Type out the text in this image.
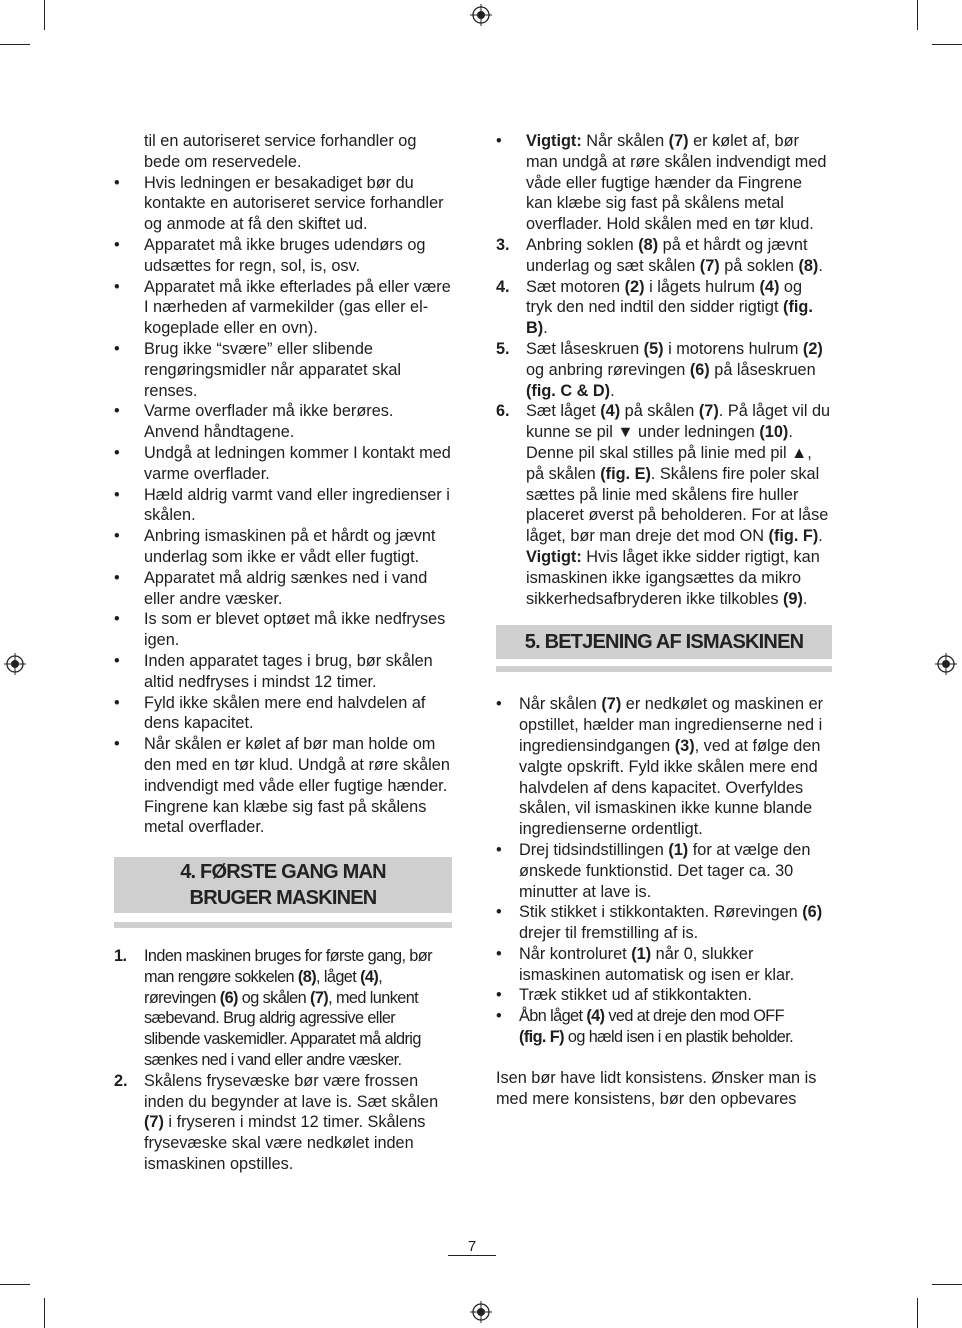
til en autoriseret service forhandler og bede om reservedele.

•	Hvis ledningen er besakadiget bør du kontakte en autoriseret service forhandler og anmode at få den skiftet ud.
•	Apparatet må ikke bruges udendørs og udsættes for regn, sol, is, osv.
•	Apparatet må ikke efterlades på eller være I nærheden af varmekilder (gas eller el-kogeplade eller en ovn).
•	Brug ikke “svære” eller slibende rengøringsmidler når apparatet skal renses.
•	Varme overflader må ikke berøres. Anvend håndtagene.
•	Undgå at ledningen kommer I kontakt med varme overflader.
•	Hæld aldrig varmt vand eller ingredienser i skålen.
•	Anbring ismaskinen på et hårdt og jævnt underlag som ikke er vådt eller fugtigt.
•	Apparatet må aldrig sænkes ned i vand eller andre væsker.
•	Is som er blevet optøet må ikke nedfryses igen.
•	Inden apparatet tages i brug, bør skålen altid nedfryses i mindst 12 timer.
•	Fyld ikke skålen mere end halvdelen af dens kapacitet.
•	Når skålen er kølet af bør man holde om den med en tør klud. Undgå at røre skålen indvendigt med våde eller fugtige hænder. Fingrene kan klæbe sig fast på skålens metal overflader.
4. FØRSTE GANG MAN BRUGER MASKINEN
1. Inden maskinen bruges for første gang, bør man rengøre sokkelen (8), låget (4), rørevingen (6) og skålen (7), med lunkent sæbevand. Brug aldrig agressive eller slibende vaskemidler. Apparatet må aldrig sænkes ned i vand eller andre væsker.
2. Skålens frysevæske bør være frossen inden du begynder at lave is. Sæt skålen (7) i fryseren i mindst 12 timer. Skålens frysevæske skal være nedkølet inden ismaskinen opstilles.
•	Vigtigt: Når skålen (7) er kølet af, bør man undgå at røre skålen indvendigt med våde eller fugtige hænder da Fingrene kan klæbe sig fast på skålens metal overflader. Hold skålen med en tør klud.
3. Anbring soklen (8) på et hårdt og jævnt underlag og sæt skålen (7) på soklen (8).
4. Sæt motoren (2) i lågets hulrum (4) og tryk den ned indtil den sidder rigtigt (fig. B).
5. Sæt låseskruen (5) i motorens hulrum (2) og anbring rørevingen (6) på låseskruen (fig. C & D).
6. Sæt låget (4) på skålen (7). På låget vil du kunne se pil ▼ under ledningen (10). Denne pil skal stilles på linie med pil ▲, på skålen (fig. E). Skålens fire poler skal sættes på linie med skålens fire huller placeret øverst på beholderen. For at låse låget, bør man dreje det mod ON (fig. F).
Vigtigt: Hvis låget ikke sidder rigtigt, kan ismaskinen ikke igangsættes da mikro sikkerhedsafbryderen ikke tilkobles (9).
5. BETJENING AF ISMASKINEN
•	Når skålen (7) er nedkølet og maskinen er opstillet, hælder man ingredienserne ned i ingrediensindgangen (3), ved at følge den valgte opskrift. Fyld ikke skålen mere end halvdelen af dens kapacitet. Overfyldes skålen, vil ismaskinen ikke kunne blande ingredienserne ordentligt.
•	Drej tidsindstillingen (1) for at vælge den ønskede funktionstid. Det tager ca. 30 minutter at lave is.
•	Stik stikket i stikkontakten. Rørevingen (6) drejer til fremstilling af is.
•	Når kontroluret (1) når 0, slukker ismaskinen automatisk og isen er klar.
•	Træk stikket ud af stikkontakten.
•	Åbn låget (4) ved at dreje den mod OFF
(fig. F) og hæld isen i en plastik beholder.

Isen bør have lidt konsistens. Ønsker man is med mere konsistens, bør den opbevares

7
